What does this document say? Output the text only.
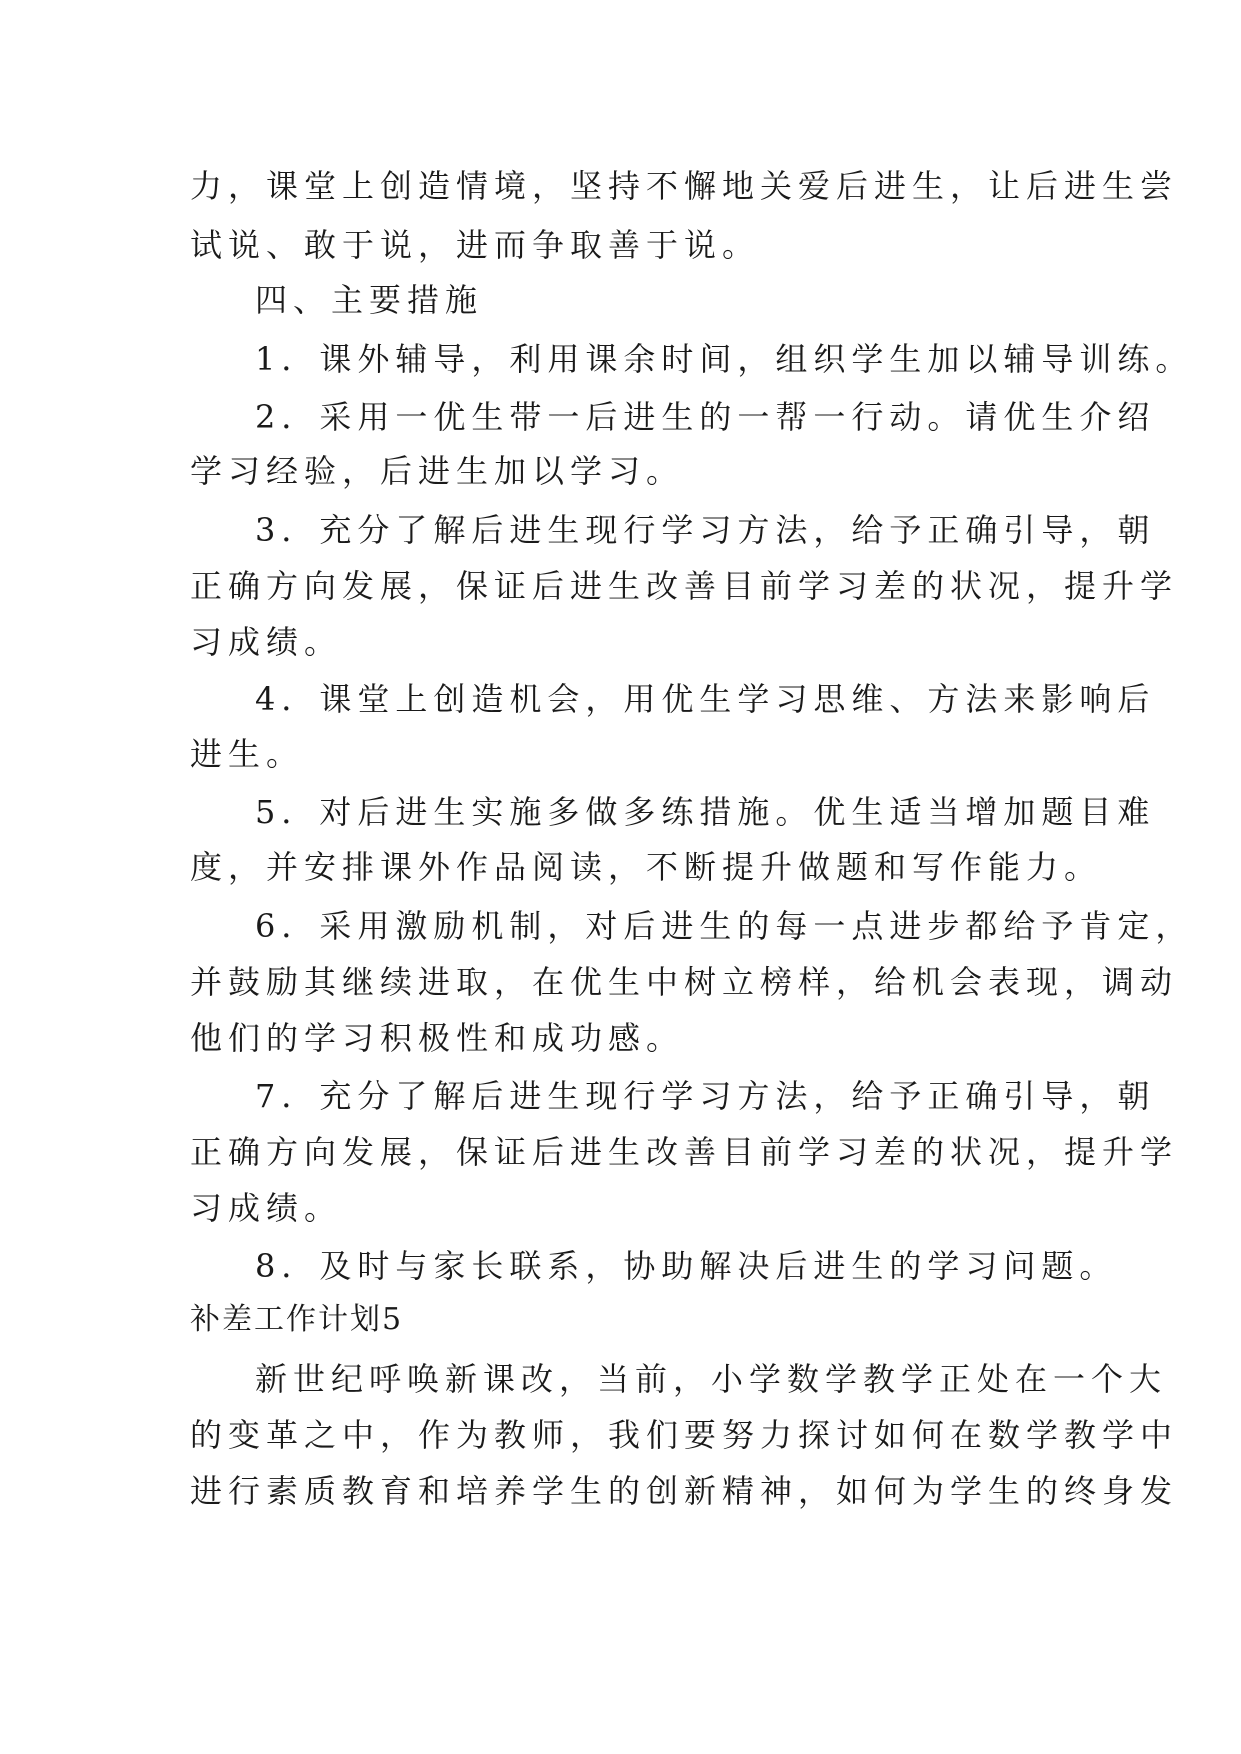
力，课堂上创造情境，坚持不懈地关爱后进生，让后进生尝
试说、敢于说，进而争取善于说。
四、主要措施
1．课外辅导，利用课余时间，组织学生加以辅导训练。
2．采用一优生带一后进生的一帮一行动。请优生介绍
学习经验，后进生加以学习。
3．充分了解后进生现行学习方法，给予正确引导，朝
正确方向发展，保证后进生改善目前学习差的状况，提升学
习成绩。
4．课堂上创造机会，用优生学习思维、方法来影响后
进生。
5．对后进生实施多做多练措施。优生适当增加题目难
度，并安排课外作品阅读，不断提升做题和写作能力。
6．采用激励机制，对后进生的每一点进步都给予肯定，
并鼓励其继续进取，在优生中树立榜样，给机会表现，调动
他们的学习积极性和成功感。
7．充分了解后进生现行学习方法，给予正确引导，朝
正确方向发展，保证后进生改善目前学习差的状况，提升学
习成绩。
8．及时与家长联系，协助解决后进生的学习问题。
补差工作计划5
新世纪呼唤新课改，当前，小学数学教学正处在一个大
的变革之中，作为教师，我们要努力探讨如何在数学教学中
进行素质教育和培养学生的创新精神，如何为学生的终身发
